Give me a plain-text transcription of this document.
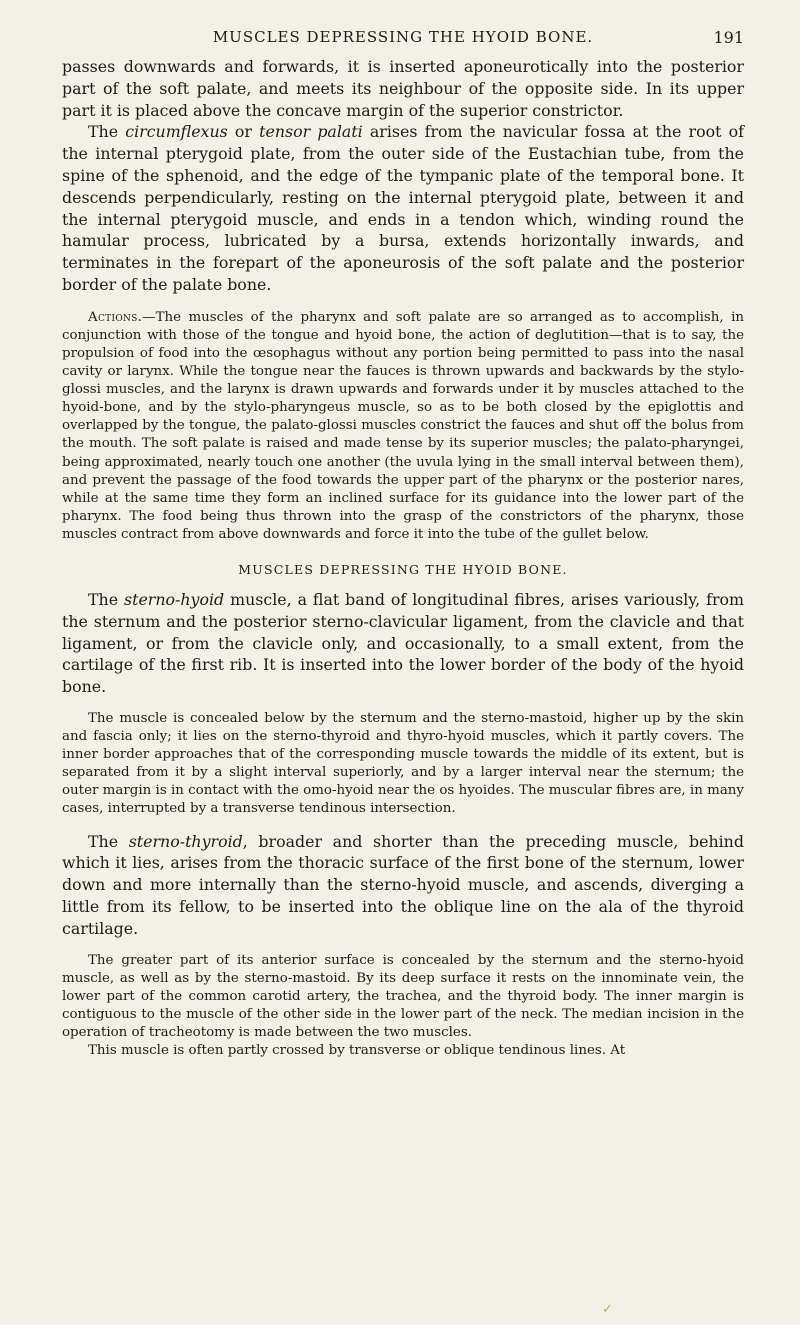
MUSCLES DEPRESSING THE HYOID BONE.	191

passes downwards and forwards, it is inserted aponeurotically into the posterior part of the soft palate, and meets its neighbour of the opposite side. In its upper part it is placed above the concave margin of the superior constrictor.

The circumflexus or tensor palati arises from the navicular fossa at the root of the internal pterygoid plate, from the outer side of the Eustachian tube, from the spine of the sphenoid, and the edge of the tympanic plate of the temporal bone. It descends perpendicularly, resting on the internal pterygoid plate, between it and the internal pterygoid muscle, and ends in a tendon which, winding round the hamular process, lubricated by a bursa, extends horizontally inwards, and terminates in the forepart of the aponeurosis of the soft palate and the posterior border of the palate bone.

Actions.—The muscles of the pharynx and soft palate are so arranged as to accomplish, in conjunction with those of the tongue and hyoid bone, the action of deglutition—that is to say, the propulsion of food into the œsophagus without any portion being permitted to pass into the nasal cavity or larynx. While the tongue near the fauces is thrown upwards and backwards by the stylo-glossi muscles, and the larynx is drawn upwards and forwards under it by muscles attached to the hyoid-bone, and by the stylo-pharyngeus muscle, so as to be both closed by the epiglottis and overlapped by the tongue, the palato-glossi muscles constrict the fauces and shut off the bolus from the mouth. The soft palate is raised and made tense by its superior muscles; the palato-pharyngei, being approximated, nearly touch one another (the uvula lying in the small interval between them), and prevent the passage of the food towards the upper part of the pharynx or the posterior nares, while at the same time they form an inclined surface for its guidance into the lower part of the pharynx. The food being thus thrown into the grasp of the constrictors of the pharynx, those muscles contract from above downwards and force it into the tube of the gullet below.

MUSCLES DEPRESSING THE HYOID BONE.

The sterno-hyoid muscle, a flat band of longitudinal fibres, arises variously, from the sternum and the posterior sterno-clavicular ligament, from the clavicle and that ligament, or from the clavicle only, and occasionally, to a small extent, from the cartilage of the first rib. It is inserted into the lower border of the body of the hyoid bone.

The muscle is concealed below by the sternum and the sterno-mastoid, higher up by the skin and fascia only; it lies on the sterno-thyroid and thyro-hyoid muscles, which it partly covers. The inner border approaches that of the corresponding muscle towards the middle of its extent, but is separated from it by a slight interval superiorly, and by a larger interval near the sternum; the outer margin is in contact with the omo-hyoid near the os hyoides. The muscular fibres are, in many cases, interrupted by a transverse tendinous intersection.

The sterno-thyroid, broader and shorter than the preceding muscle, behind which it lies, arises from the thoracic surface of the first bone of the sternum, lower down and more internally than the sterno-hyoid muscle, and ascends, diverging a little from its fellow, to be inserted into the oblique line on the ala of the thyroid cartilage.

The greater part of its anterior surface is concealed by the sternum and the sterno-hyoid muscle, as well as by the sterno-mastoid. By its deep surface it rests on the innominate vein, the lower part of the common carotid artery, the trachea, and the thyroid body. The inner margin is contiguous to the muscle of the other side in the lower part of the neck. The median incision in the operation of tracheotomy is made between the two muscles.

This muscle is often partly crossed by transverse or oblique tendinous lines. At

✓
